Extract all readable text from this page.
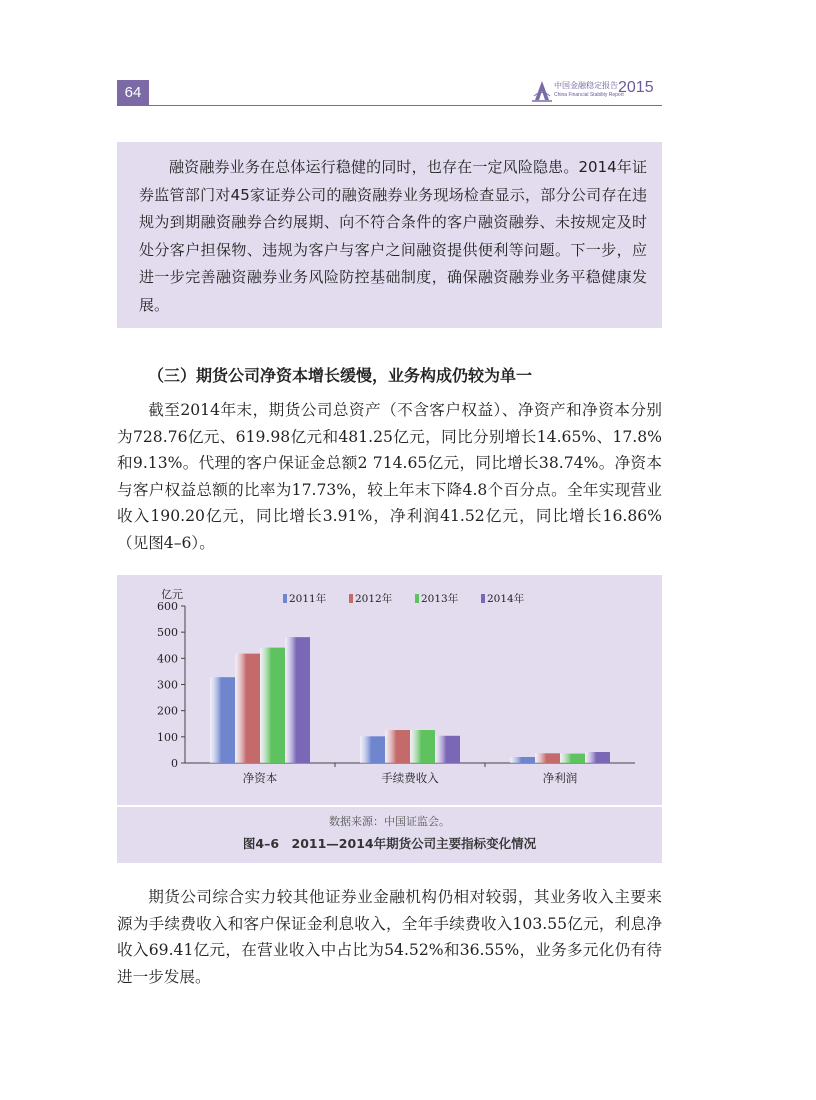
64	中国金融稳定报告
China Financial Stability Report
2015
融资融券业务在总体运行稳健的同时，也存在一定风险隐患。2014年证券监管部门对45家证券公司的融资融券业务现场检查显示，部分公司存在违规为到期融资融券合约展期、向不符合条件的客户融资融券、未按规定及时处分客户担保物、违规为客户与客户之间融资提供便利等问题。下一步，应进一步完善融资融券业务风险防控基础制度，确保融资融券业务平稳健康发展。
（三）期货公司净资本增长缓慢，业务构成仍较为单一
截至2014年末，期货公司总资产（不含客户权益）、净资产和净资本分别为728.76亿元、619.98亿元和481.25亿元，同比分别增长14.65%、17.8%和9.13%。代理的客户保证金总额2 714.65亿元，同比增长38.74%。净资本与客户权益总额的比率为17.73%，较上年末下降4.8个百分点。全年实现营业收入190.20亿元，同比增长3.91%，净利润41.52亿元，同比增长16.86%（见图4–6）。
亿元
0
100
200
300
400
500
600
净资本	手续费收入	净利润
2011年	2012年	2013年	2014年
数据来源：中国证监会。
图4–6　2011—2014年期货公司主要指标变化情况
期货公司综合实力较其他证券业金融机构仍相对较弱，其业务收入主要来源为手续费收入和客户保证金利息收入，全年手续费收入103.55亿元，利息净收入69.41亿元，在营业收入中占比为54.52%和36.55%，业务多元化仍有待进一步发展。
